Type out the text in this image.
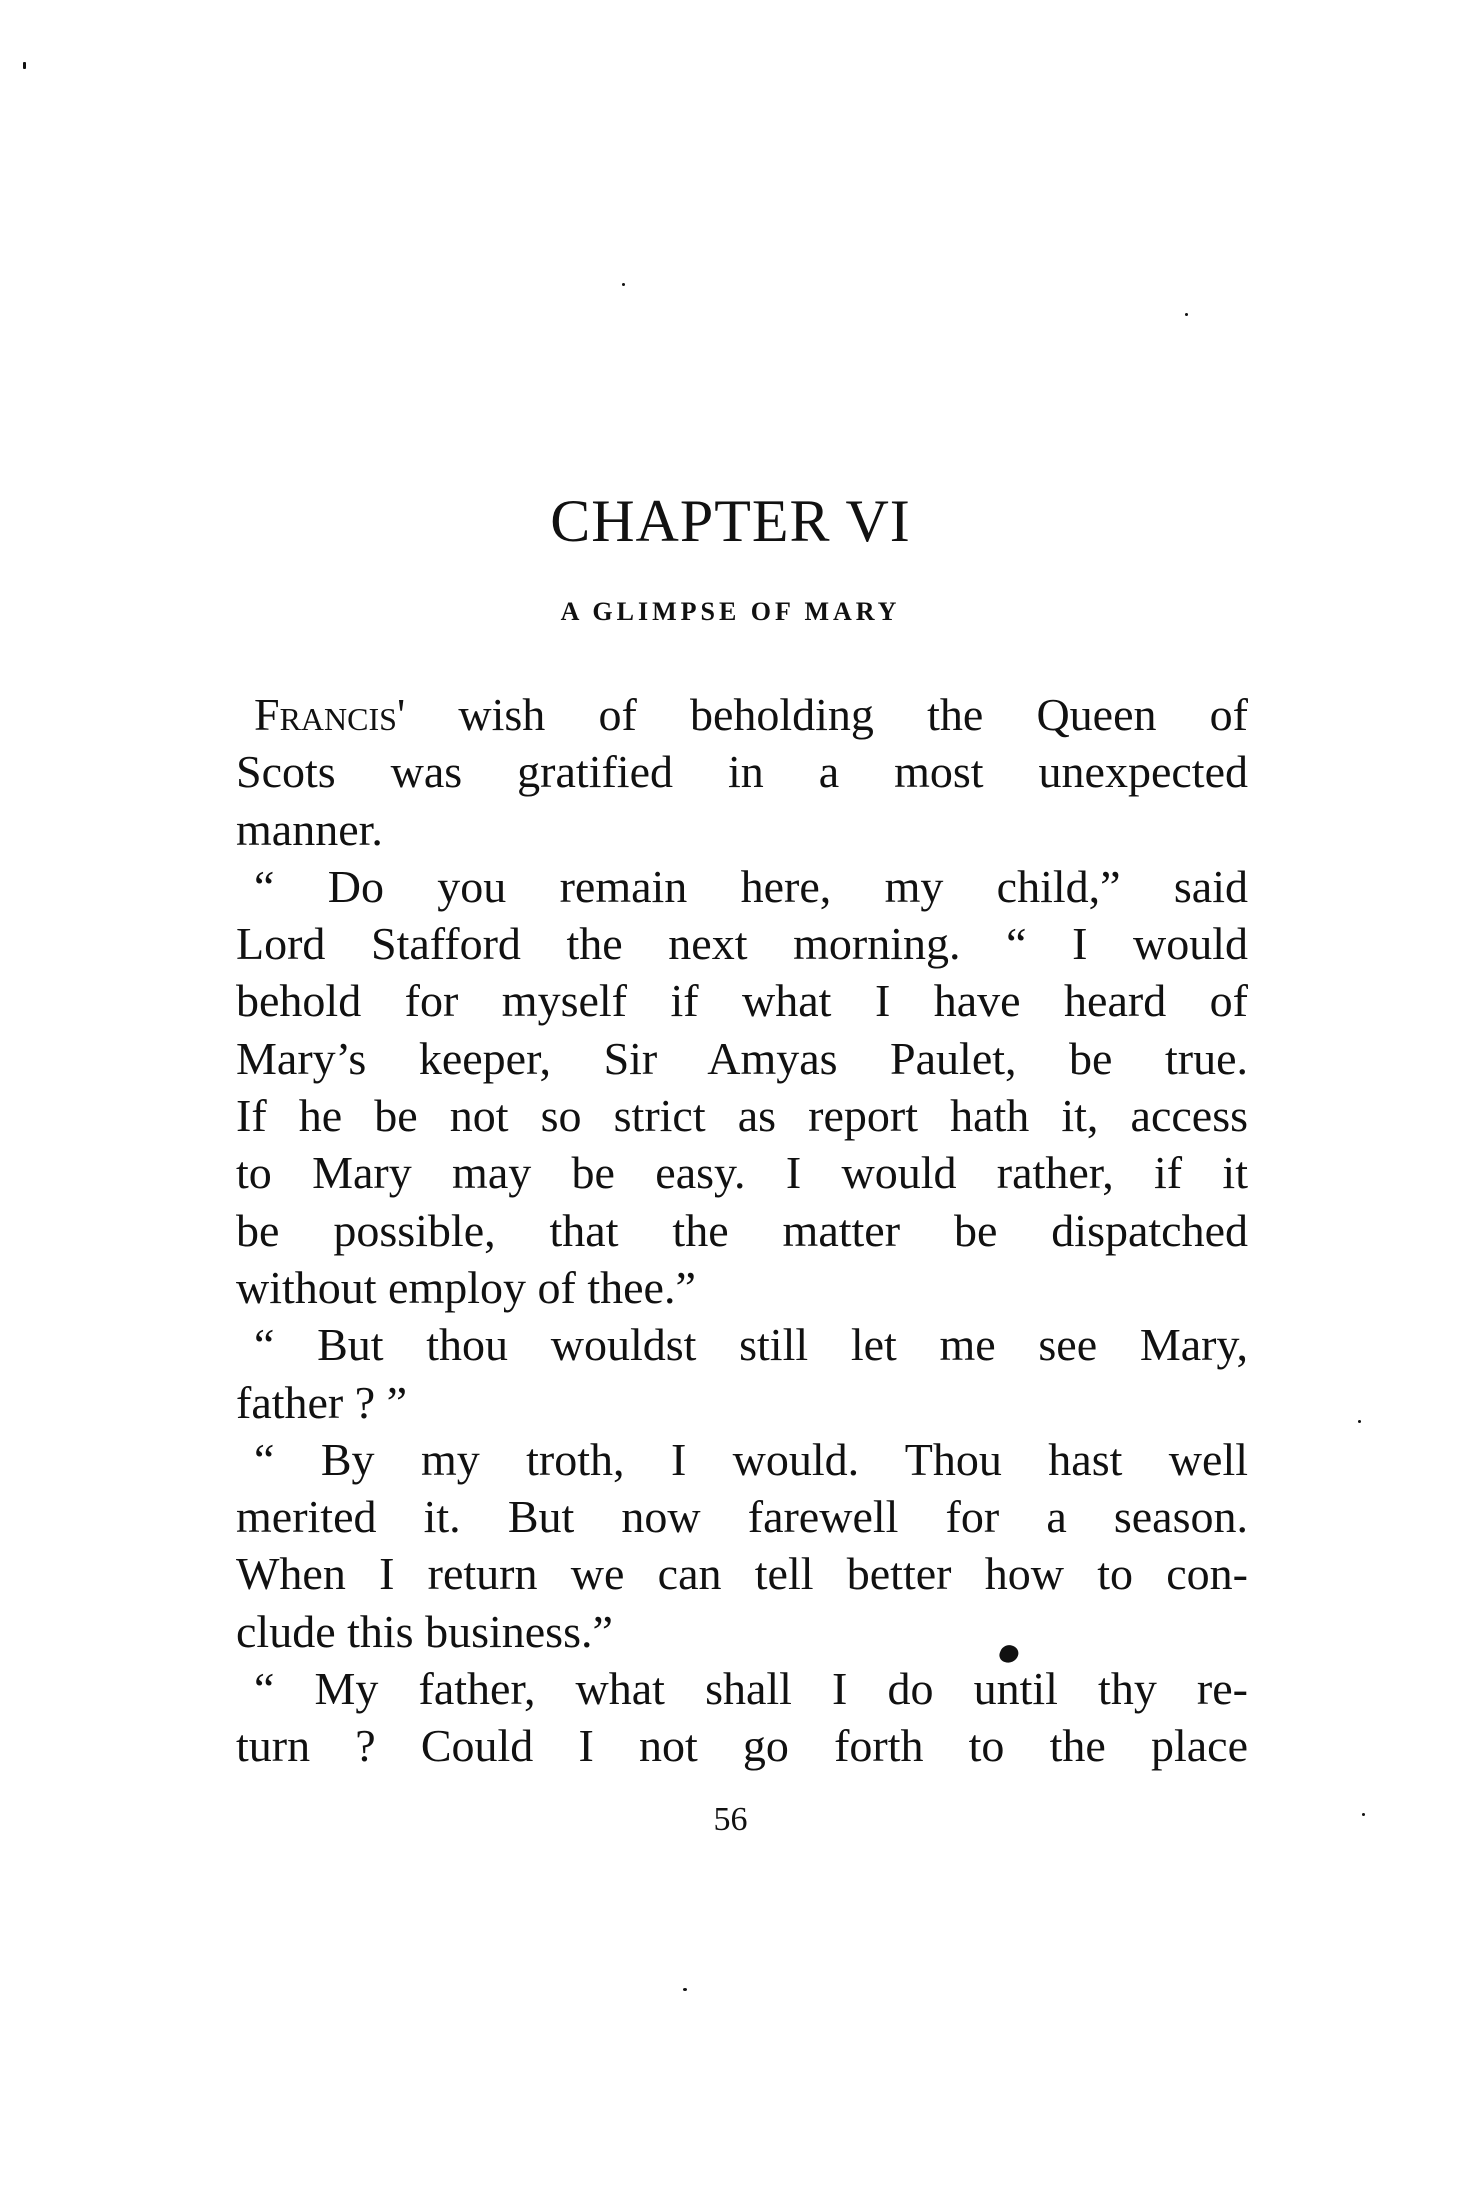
CHAPTER VI
A GLIMPSE OF MARY
Francis' wish of beholding the Queen of
Scots was gratified in a most unexpected
manner.
“ Do you remain here, my child,” said
Lord Stafford the next morning. “ I would
behold for myself if what I have heard of
Mary’s keeper, Sir Amyas Paulet, be true.
If he be not so strict as report hath it, access
to Mary may be easy. I would rather, if it
be possible, that the matter be dispatched
without employ of thee.”
“ But thou wouldst still let me see Mary,
father ? ”
“ By my troth, I would. Thou hast well
merited it. But now farewell for a season.
When I return we can tell better how to con-
clude this business.”
“ My father, what shall I do until thy re-
turn ? Could I not go forth to the place
56
